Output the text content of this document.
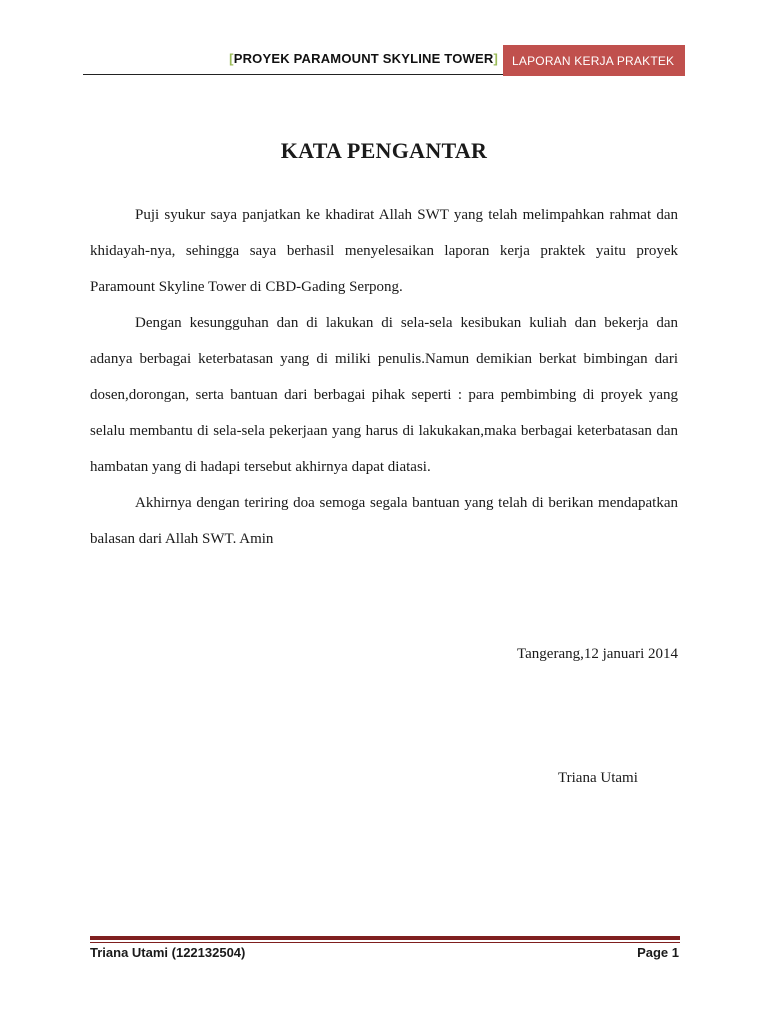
[PROYEK PARAMOUNT SKYLINE TOWER] LAPORAN KERJA PRAKTEK
KATA PENGANTAR

Puji syukur saya panjatkan ke khadirat Allah SWT yang telah melimpahkan rahmat dan khidayah-nya, sehingga saya berhasil menyelesaikan laporan kerja praktek yaitu proyek Paramount Skyline Tower di CBD-Gading Serpong.

Dengan kesungguhan dan di lakukan di sela-sela kesibukan kuliah dan bekerja dan adanya berbagai keterbatasan yang di miliki penulis.Namun demikian berkat bimbingan dari dosen,dorongan, serta bantuan dari berbagai pihak seperti : para pembimbing di proyek yang selalu membantu di sela-sela pekerjaan yang harus di lakukakan,maka berbagai keterbatasan dan hambatan yang di hadapi tersebut akhirnya dapat diatasi.

Akhirnya dengan teriring doa semoga segala bantuan yang telah di berikan mendapatkan balasan dari Allah SWT. Amin

Tangerang,12 januari 2014
Triana Utami
Triana Utami (122132504)	Page 1
